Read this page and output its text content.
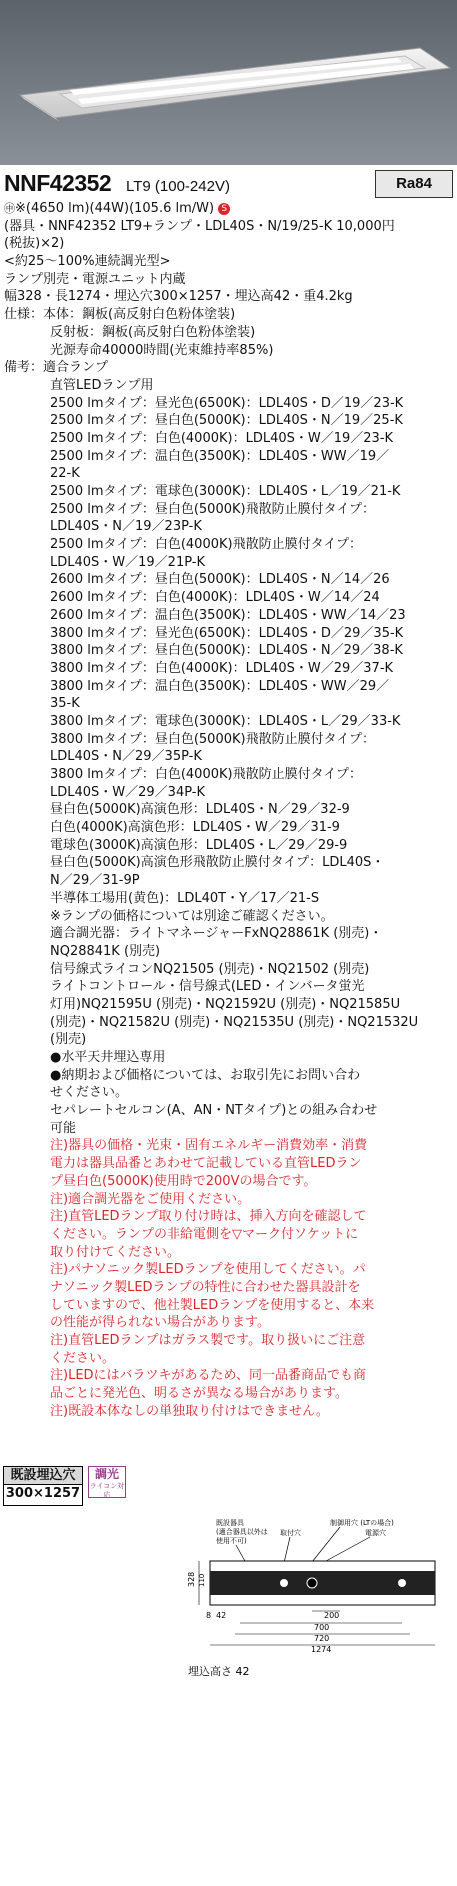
NNF42352 LT9 (100-242V)	Ra84
㊥※(4650 lm)(44W)(105.6 lm/W) S
(器具・NNF42352 LT9+ランプ・LDL40S・N/19/25-K 10,000円
(税抜)×2)
<約25～100%連続調光型>
ランプ別売・電源ユニット内蔵
幅328・長1274・埋込穴300×1257・埋込高42・重4.2kg
仕様：本体：鋼板(高反射白色粉体塗装)
反射板：鋼板(高反射白色粉体塗装)
光源寿命40000時間(光束維持率85%)
備考：適合ランプ
直管LEDランプ用
2500 lmタイプ：昼光色(6500K)：LDL40S・D／19／23-K
2500 lmタイプ：昼白色(5000K)：LDL40S・N／19／25-K
2500 lmタイプ：白色(4000K)：LDL40S・W／19／23-K
2500 lmタイプ：温白色(3500K)：LDL40S・WW／19／
22-K
2500 lmタイプ：電球色(3000K)：LDL40S・L／19／21-K
2500 lmタイプ：昼白色(5000K)飛散防止膜付タイプ：
LDL40S・N／19／23P-K
2500 lmタイプ：白色(4000K)飛散防止膜付タイプ：
LDL40S・W／19／21P-K
2600 lmタイプ：昼白色(5000K)：LDL40S・N／14／26
2600 lmタイプ：白色(4000K)：LDL40S・W／14／24
2600 lmタイプ：温白色(3500K)：LDL40S・WW／14／23
3800 lmタイプ：昼光色(6500K)：LDL40S・D／29／35-K
3800 lmタイプ：昼白色(5000K)：LDL40S・N／29／38-K
3800 lmタイプ：白色(4000K)：LDL40S・W／29／37-K
3800 lmタイプ：温白色(3500K)：LDL40S・WW／29／
35-K
3800 lmタイプ：電球色(3000K)：LDL40S・L／29／33-K
3800 lmタイプ：昼白色(5000K)飛散防止膜付タイプ：
LDL40S・N／29／35P-K
3800 lmタイプ：白色(4000K)飛散防止膜付タイプ：
LDL40S・W／29／34P-K
昼白色(5000K)高演色形：LDL40S・N／29／32-9
白色(4000K)高演色形：LDL40S・W／29／31-9
電球色(3000K)高演色形：LDL40S・L／29／29-9
昼白色(5000K)高演色形飛散防止膜付タイプ：LDL40S・
N／29／31-9P
半導体工場用(黄色)：LDL40T・Y／17／21-S
※ランプの価格については別途ご確認ください。
適合調光器：ライトマネージャーFxNQ28861K (別売)・
NQ28841K (別売)
信号線式ライコンNQ21505 (別売)・NQ21502 (別売)
ライトコントロール・信号線式(LED・インバータ蛍光
灯用)NQ21595U (別売)・NQ21592U (別売)・NQ21585U
(別売)・NQ21582U (別売)・NQ21535U (別売)・NQ21532U
(別売)
●水平天井埋込専用
●納期および価格については、お取引先にお問い合わ
せください。
セパレートセルコン(A、AN・NTタイプ)との組み合わせ
可能
注)器具の価格・光束・固有エネルギー消費効率・消費
電力は器具品番とあわせて記載している直管LEDラン
プ昼白色(5000K)使用時で200Vの場合です。
注)適合調光器をご使用ください。
注)直管LEDランプ取り付け時は、挿入方向を確認して
ください。ランプの非給電側を▽マーク付ソケットに
取り付けてください。
注)パナソニック製LEDランプを使用してください。パ
ナソニック製LEDランプの特性に合わせた器具設計を
していますので、他社製LEDランプを使用すると、本来
の性能が得られない場合があります。
注)直管LEDランプはガラス製です。取り扱いにご注意
ください。
注)LEDにはバラツキがあるため、同一品番商品でも商
品ごとに発光色、明るさが異なる場合があります。
注)既設本体なしの単独取り付けはできません。
既設埋込穴
300×1257
調光
ライコン対応
既設器具
(適合器具以外は
使用不可)
取付穴
制御用穴 (LTの場合)
電源穴
328 110
8 42	200
700
720
1274
埋込高さ 42
